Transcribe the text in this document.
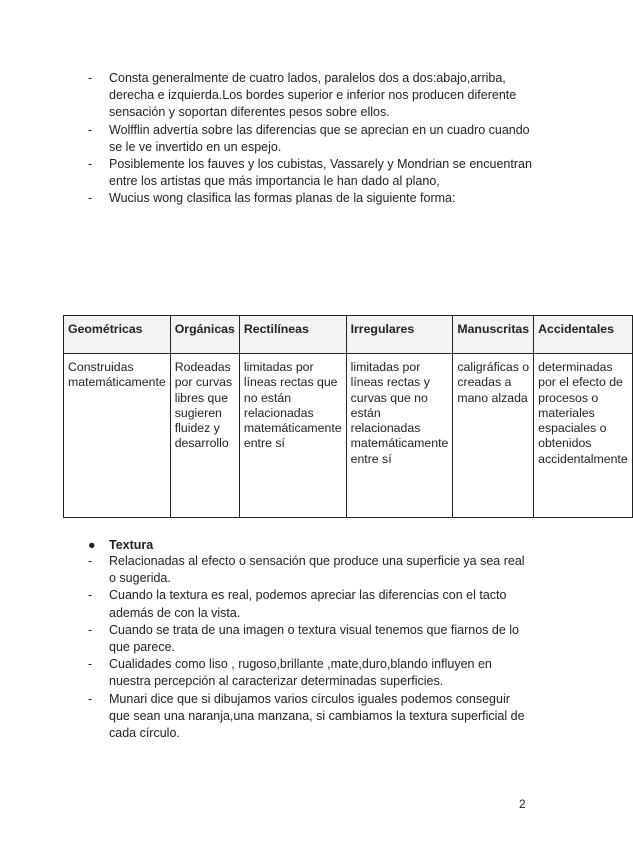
- Consta generalmente de cuatro lados, paralelos dos a dos:abajo,arriba, derecha e izquierda.Los bordes superior e inferior nos producen diferente sensación y soportan diferentes pesos sobre ellos.
- Wolfflin advertía sobre las diferencias que se aprecian en un cuadro cuando se le ve invertido en un espejo.
- Posiblemente los fauves y los cubistas, Vassarely y Mondrian se encuentran entre los artistas que más importancia le han dado al plano,
- Wucius wong clasifica las formas planas de la siguiente forma:
Geométricas	Orgánicas	Rectilíneas	Irregulares	Manuscritas	Accidentales
Construidas matemáticamente	Rodeadas por curvas libres que sugieren fluidez y desarrollo	limitadas por líneas rectas que no están relacionadas matemáticamente entre sí	limitadas por líneas rectas y curvas que no están relacionadas matemáticamente entre sí	caligráficas o creadas a mano alzada	determinadas por el efecto de procesos o materiales espaciales o obtenidos accidentalmente
● Textura
- Relacionadas al efecto o sensación que produce una superficie ya sea real o sugerida.
- Cuando la textura es real, podemos apreciar las diferencias con el tacto además de con la vista.
- Cuando se trata de una imagen o textura visual tenemos que fiarnos de lo que parece.
- Cualidades como liso , rugoso,brillante ,mate,duro,blando influyen en nuestra percepción al caracterizar determinadas superficies.
- Munari dice que si dibujamos varios círculos iguales podemos conseguir que sean una naranja,una manzana, si cambiamos la textura superficial de cada círculo.
2
